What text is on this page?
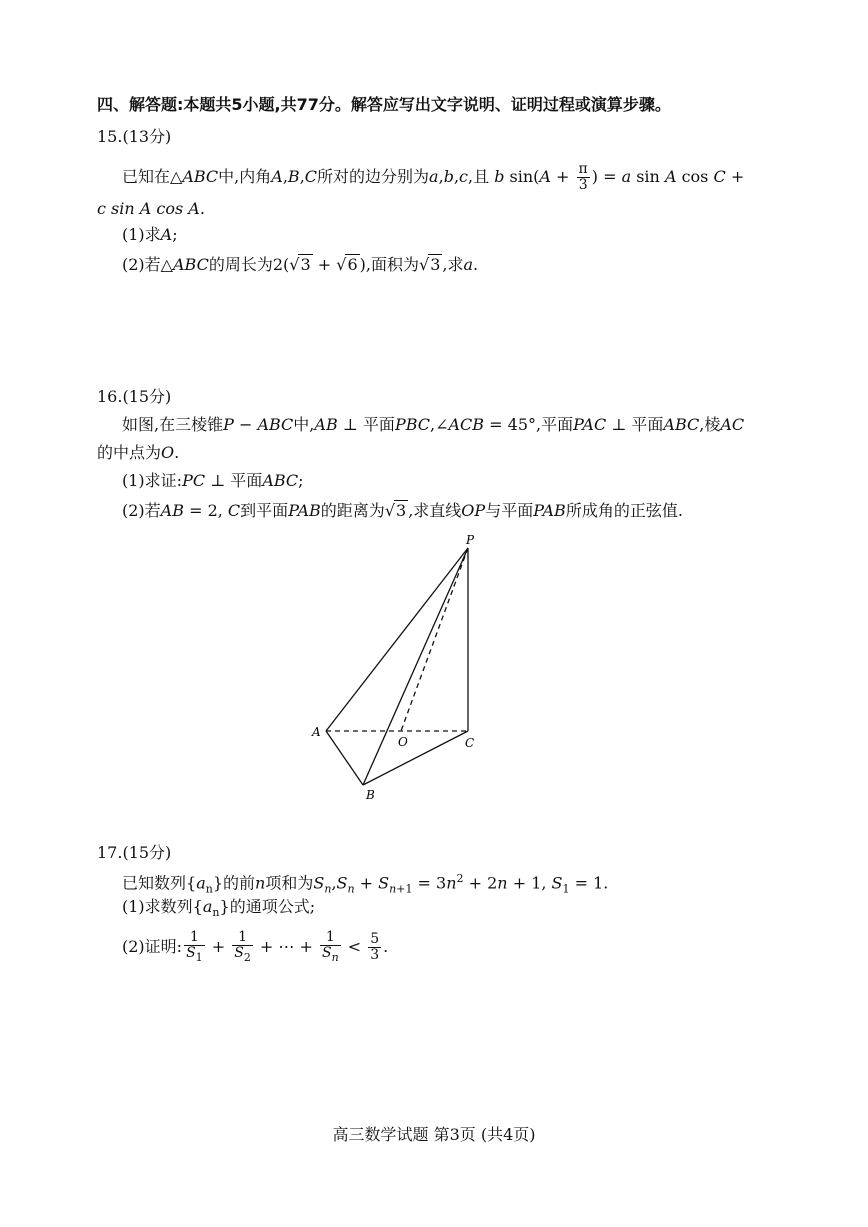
四、解答题:本题共5小题,共77分。解答应写出文字说明、证明过程或演算步骤。
15.(13分)
已知在△ABC中,内角A,B,C所对的边分别为a,b,c,且 b $\sin(A + \frac{\pi}{3}$ ) = a sin A cos C +
c sin A cos A.
(1)求A;
(2)若△ABC的周长为2(√3 + √6 ),面积为√3 ,求a.
16.(15分)
如图,在三棱锥P − ABC中,AB ⊥ 平面PBC,∠ACB = 45°,平面PAC ⊥ 平面ABC,棱AC
的中点为O.
(1)求证:PC ⊥ 平面ABC;
(2)若AB = 2, C到平面PAB的距离为√3 ,求直线OP与平面PAB所成角的正弦值.
P
A
O	C
B
17.(15分)
已知数列$\{a_n\}$的前n项和为$S_n,S_n + S_{n+1} = 3n^2 + 2n + 1$, $S_1 = 1$.
(1)求数列$\{a_n\}$的通项公式;
(2)证明: $\frac{1}{S_1} + \frac{1}{S_2}$ + ⋯ + $\frac{1}{S_n} < \frac{5}{3}$ .
高三数学试题 第3页 (共4页)
